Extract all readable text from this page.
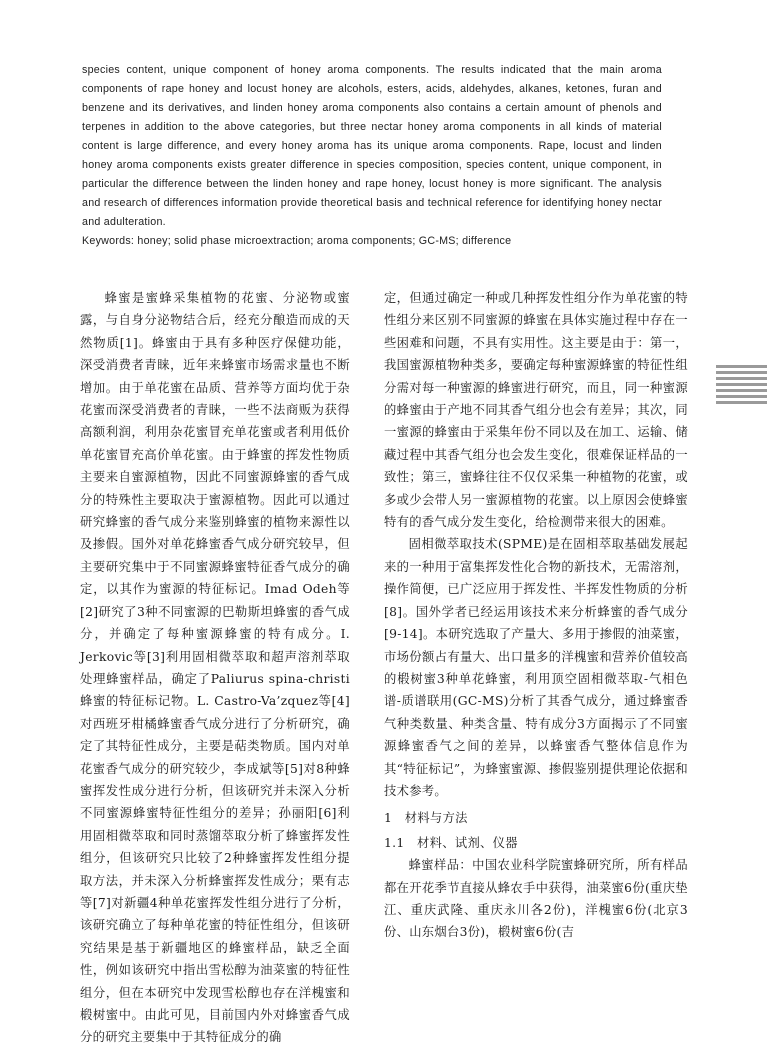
species content, unique component of honey aroma components. The results indicated that the main aroma components of rape honey and locust honey are alcohols, esters, acids, aldehydes, alkanes, ketones, furan and benzene and its derivatives, and linden honey aroma components also contains a certain amount of phenols and terpenes in addition to the above categories, but three nectar honey aroma components in all kinds of material content is large difference, and every honey aroma has its unique aroma components. Rape, locust and linden honey aroma components exists greater difference in species composition, species content, unique component, in particular the difference between the linden honey and rape honey, locust honey is more significant. The analysis and research of differences information provide theoretical basis and technical reference for identifying honey nectar and adulteration.

Keywords: honey; solid phase microextraction; aroma components; GC-MS; difference

蜂蜜是蜜蜂采集植物的花蜜、分泌物或蜜露，与自身分泌物结合后，经充分酿造而成的天然物质[1]。蜂蜜由于具有多种医疗保健功能，深受消费者青睐，近年来蜂蜜市场需求量也不断增加。由于单花蜜在品质、营养等方面均优于杂花蜜而深受消费者的青睐，一些不法商贩为获得高额利润，利用杂花蜜冒充单花蜜或者利用低价单花蜜冒充高价单花蜜。由于蜂蜜的挥发性物质主要来自蜜源植物，因此不同蜜源蜂蜜的香气成分的特殊性主要取决于蜜源植物。因此可以通过研究蜂蜜的香气成分来鉴别蜂蜜的植物来源性以及掺假。国外对单花蜂蜜香气成分研究较早，但主要研究集中于不同蜜源蜂蜜特征香气成分的确定，以其作为蜜源的特征标记。Imad Odeh等[2]研究了3种不同蜜源的巴勒斯坦蜂蜜的香气成分，并确定了每种蜜源蜂蜜的特有成分。I. Jerkovic等[3]利用固相微萃取和超声溶剂萃取处理蜂蜜样品，确定了Paliurus spina-christi蜂蜜的特征标记物。L. Castro-Va’zquez等[4]对西班牙柑橘蜂蜜香气成分进行了分析研究，确定了其特征性成分，主要是萜类物质。国内对单花蜜香气成分的研究较少，李成斌等[5]对8种蜂蜜挥发性成分进行分析，但该研究并未深入分析不同蜜源蜂蜜特征性组分的差异；孙丽阳[6]利用固相微萃取和同时蒸馏萃取分析了蜂蜜挥发性组分，但该研究只比较了2种蜂蜜挥发性组分提取方法，并未深入分析蜂蜜挥发性成分；栗有志等[7]对新疆4种单花蜜挥发性组分进行了分析，该研究确立了每种单花蜜的特征性组分，但该研究结果是基于新疆地区的蜂蜜样品，缺乏全面性，例如该研究中指出雪松醇为油菜蜜的特征性组分，但在本研究中发现雪松醇也存在洋槐蜜和椴树蜜中。由此可见，目前国内外对蜂蜜香气成分的研究主要集中于其特征成分的确

定，但通过确定一种或几种挥发性组分作为单花蜜的特性组分来区别不同蜜源的蜂蜜在具体实施过程中存在一些困难和问题，不具有实用性。这主要是由于：第一，我国蜜源植物种类多，要确定每种蜜源蜂蜜的特征性组分需对每一种蜜源的蜂蜜进行研究，而且，同一种蜜源的蜂蜜由于产地不同其香气组分也会有差异；其次，同一蜜源的蜂蜜由于采集年份不同以及在加工、运输、储藏过程中其香气组分也会发生变化，很难保证样品的一致性；第三，蜜蜂往往不仅仅采集一种植物的花蜜，或多或少会带人另一蜜源植物的花蜜。以上原因会使蜂蜜特有的香气成分发生变化，给检测带来很大的困难。

固相微萃取技术(SPME)是在固相萃取基础发展起来的一种用于富集挥发性化合物的新技术，无需溶剂，操作简便，已广泛应用于挥发性、半挥发性物质的分析[8]。国外学者已经运用该技术来分析蜂蜜的香气成分[9-14]。本研究选取了产量大、多用于掺假的油菜蜜，市场份额占有量大、出口量多的洋槐蜜和营养价值较高的椴树蜜3种单花蜂蜜，利用顶空固相微萃取-气相色谱-质谱联用(GC-MS)分析了其香气成分，通过蜂蜜香气种类数量、种类含量、特有成分3方面揭示了不同蜜源蜂蜜香气之间的差异，以蜂蜜香气整体信息作为其“特征标记”，为蜂蜜蜜源、掺假鉴别提供理论依据和技术参考。

1　材料与方法
1.1　材料、试剂、仪器

蜂蜜样品：中国农业科学院蜜蜂研究所，所有样品都在开花季节直接从蜂农手中获得，油菜蜜6份(重庆垫江、重庆武隆、重庆永川各2份)，洋槐蜜6份(北京3份、山东烟台3份)，椴树蜜6份(吉
